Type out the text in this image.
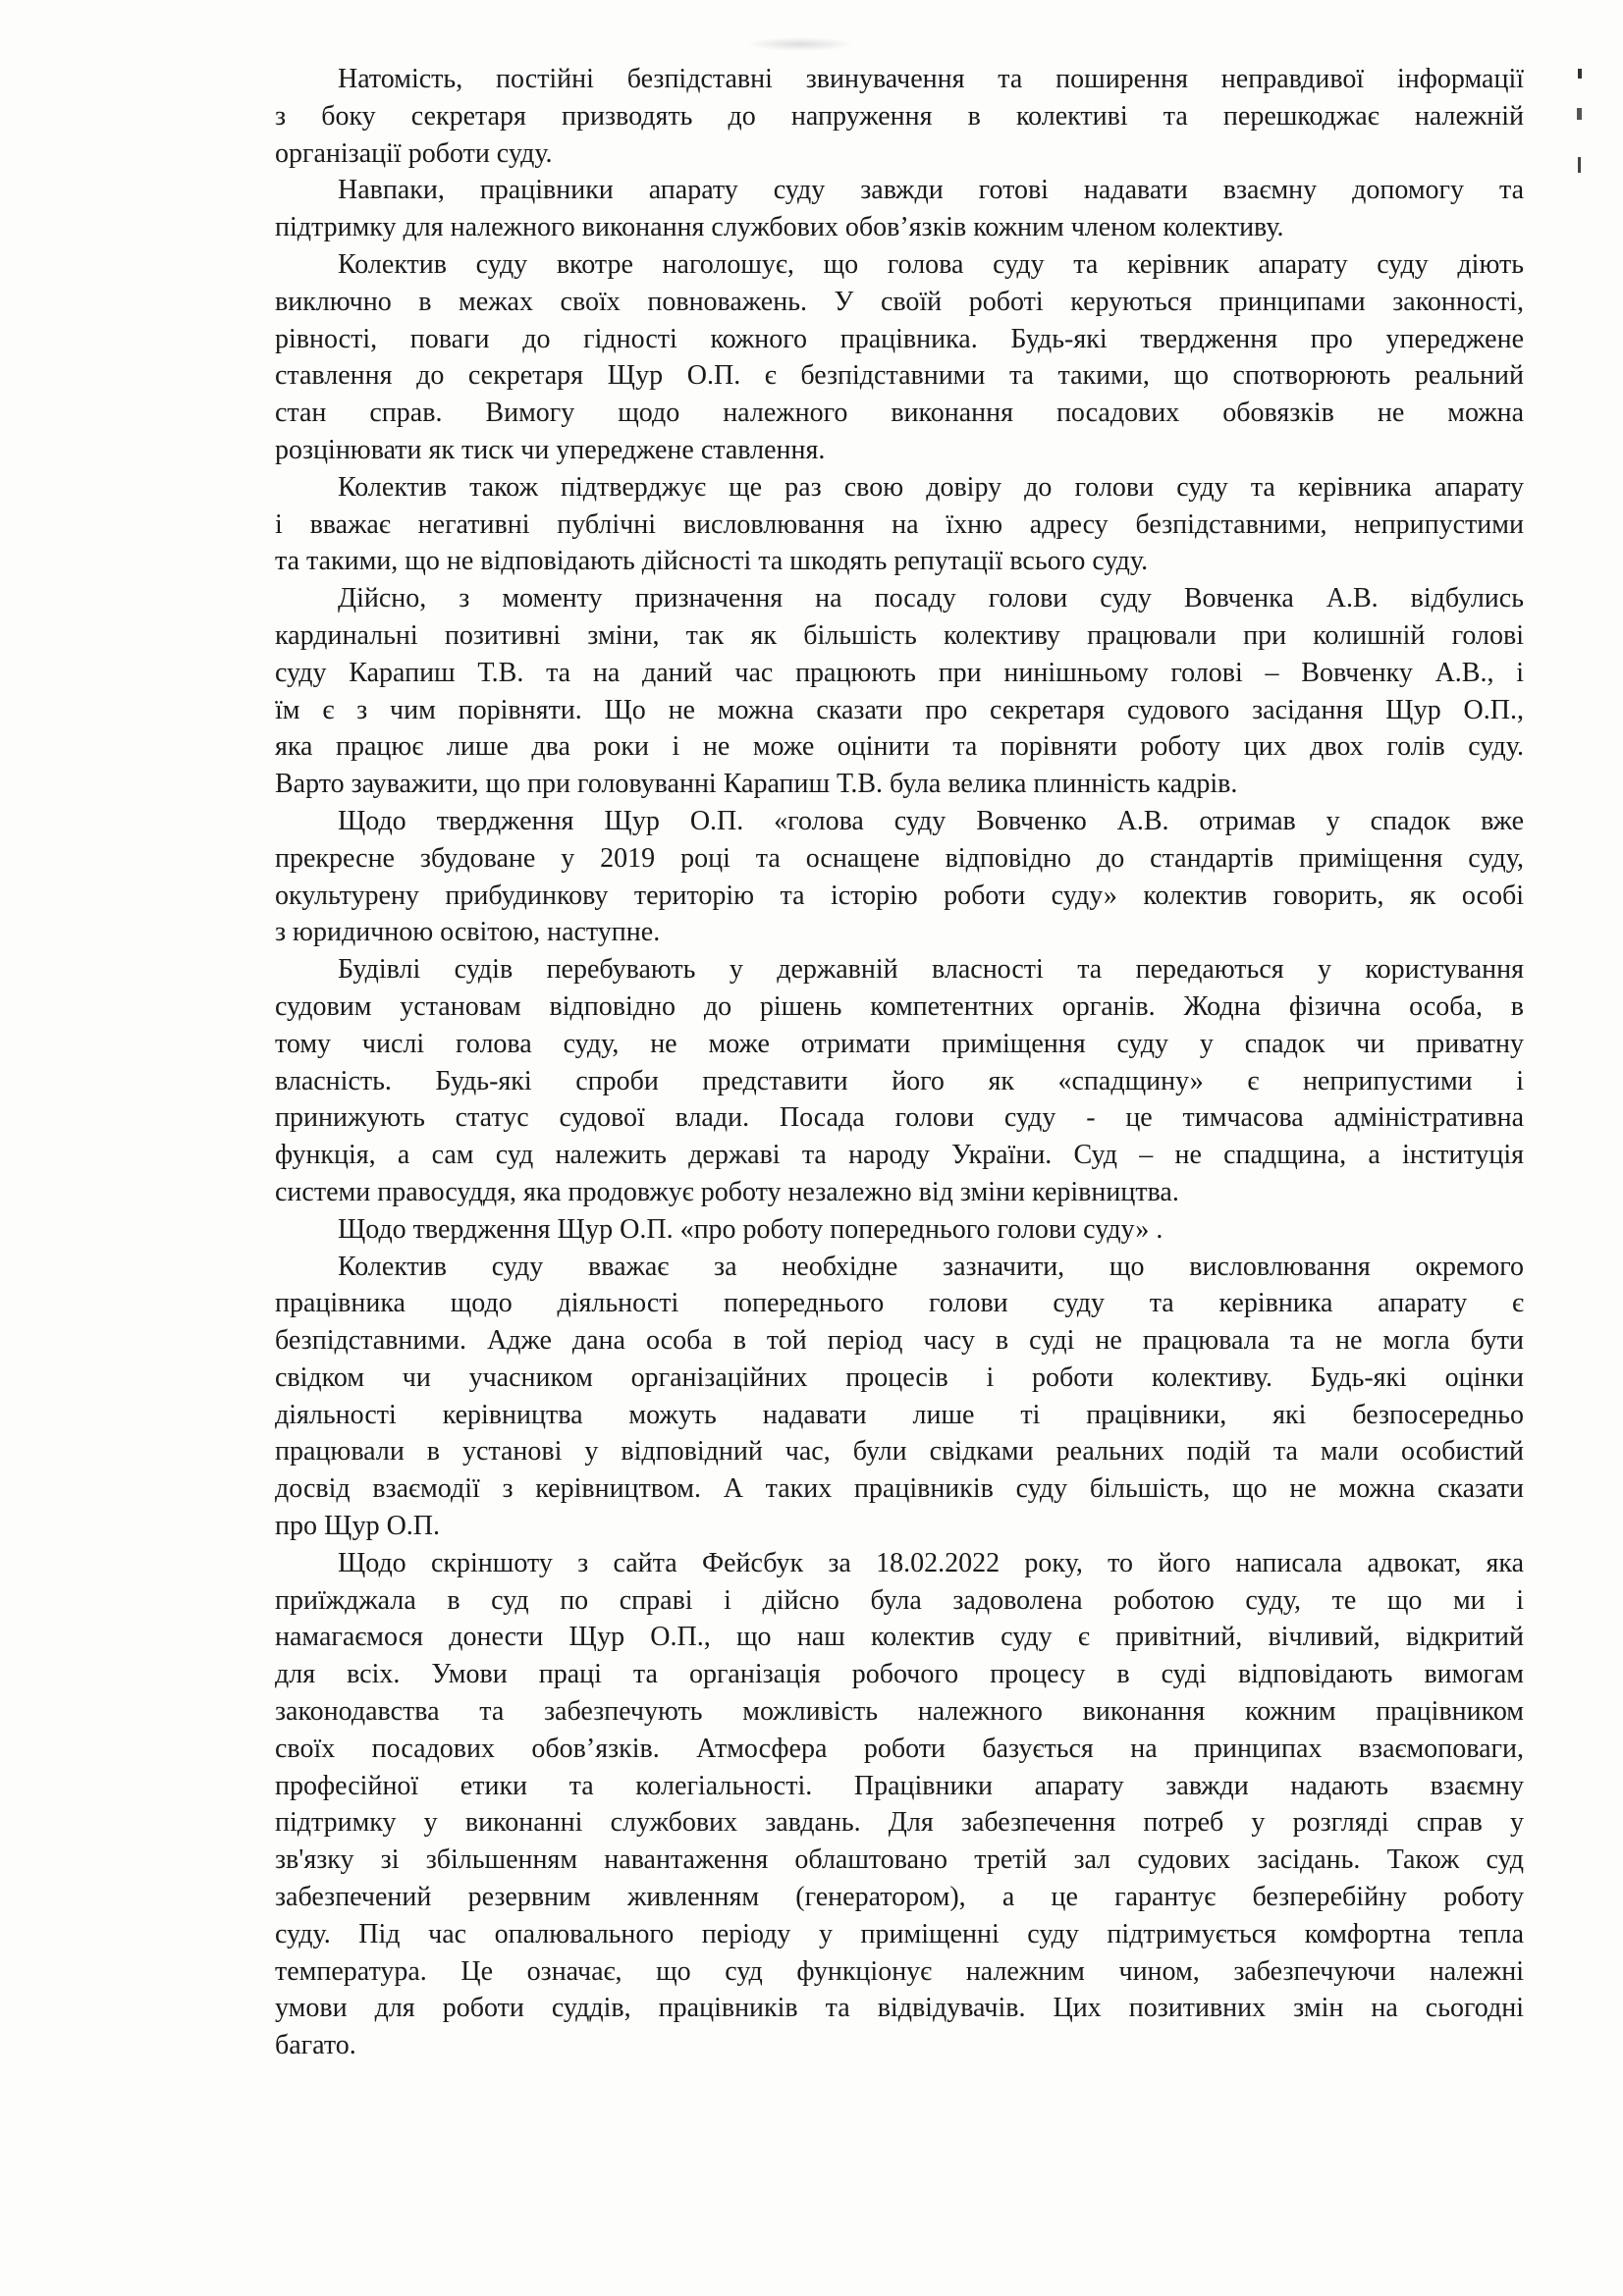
Натомість, постійні безпідставні звинувачення та поширення неправдивої інформації
з боку секретаря призводять до напруження в колективі та перешкоджає належній
організації роботи суду.
Навпаки, працівники апарату суду завжди готові надавати взаємну допомогу та
підтримку для належного виконання службових обов’язків кожним членом колективу.
Колектив суду вкотре наголошує, що голова суду та керівник апарату суду діють
виключно в межах своїх повноважень. У своїй роботі керуються принципами законності,
рівності, поваги до гідності кожного працівника. Будь-які твердження про упереджене
ставлення до секретаря Щур О.П. є безпідставними та такими, що спотворюють реальний
стан справ. Вимогу щодо належного виконання посадових обовязків не можна
розцінювати як тиск чи упереджене ставлення.
Колектив також підтверджує ще раз свою довіру до голови суду та керівника апарату
і вважає негативні публічні висловлювання на їхню адресу безпідставними, неприпустими
та такими, що не відповідають дійсності та шкодять репутації всього суду.
Дійсно, з моменту призначення на посаду голови суду Вовченка А.В. відбулись
кардинальні позитивні зміни, так як більшість колективу працювали при колишній голові
суду Карапиш Т.В. та на даний час працюють при нинішньому голові – Вовченку А.В., і
їм є з чим порівняти. Що не можна сказати про секретаря судового засідання Щур О.П.,
яка працює лише два роки і не може оцінити та порівняти роботу цих двох голів суду.
Варто зауважити, що при головуванні Карапиш Т.В. була велика плинність кадрів.
Щодо твердження Щур О.П. «голова суду Вовченко А.В. отримав у спадок вже
прекресне збудоване у 2019 році та оснащене відповідно до стандартів приміщення суду,
окультурену прибудинкову територію та історію роботи суду» колектив говорить, як особі
з юридичною освітою, наступне.
Будівлі судів перебувають у державній власності та передаються у користування
судовим установам відповідно до рішень компетентних органів. Жодна фізична особа, в
тому числі голова суду, не може отримати приміщення суду у спадок чи приватну
власність. Будь-які спроби представити його як «спадщину» є неприпустими і
принижують статус судової влади. Посада голови суду - це тимчасова адміністративна
функція, а сам суд належить державі та народу України. Суд – не спадщина, а інституція
системи правосуддя, яка продовжує роботу незалежно від зміни керівництва.
Щодо твердження Щур О.П. «про роботу попереднього голови суду» .
Колектив суду вважає за необхідне зазначити, що висловлювання окремого
працівника щодо діяльності попереднього голови суду та керівника апарату є
безпідставними. Адже дана особа в той період часу в суді не працювала та не могла бути
свідком чи учасником організаційних процесів і роботи колективу. Будь-які оцінки
діяльності керівництва можуть надавати лише ті працівники, які безпосередньо
працювали в установі у відповідний час, були свідками реальних подій та мали особистий
досвід взаємодії з керівництвом. А таких працівників суду більшість, що не можна сказати
про Щур О.П.
Щодо скріншоту з сайта Фейсбук за 18.02.2022 року, то його написала адвокат, яка
приїжджала в суд по справі і дійсно була задоволена роботою суду, те що ми і
намагаємося донести Щур О.П., що наш колектив суду є привітний, вічливий, відкритий
для всіх. Умови праці та організація робочого процесу в суді відповідають вимогам
законодавства та забезпечують можливість належного виконання кожним працівником
своїх посадових обов’язків. Атмосфера роботи базується на принципах взаємоповаги,
професійної етики та колегіальності. Працівники апарату завжди надають взаємну
підтримку у виконанні службових завдань. Для забезпечення потреб у розгляді справ у
зв'язку зі збільшенням навантаження облаштовано третій зал судових засідань. Також суд
забезпечений резервним живленням (генератором), а це гарантує безперебійну роботу
суду. Під час опалювального періоду у приміщенні суду підтримується комфортна тепла
температура. Це означає, що суд функціонує належним чином, забезпечуючи належні
умови для роботи суддів, працівників та відвідувачів. Цих позитивних змін на сьогодні
багато.
